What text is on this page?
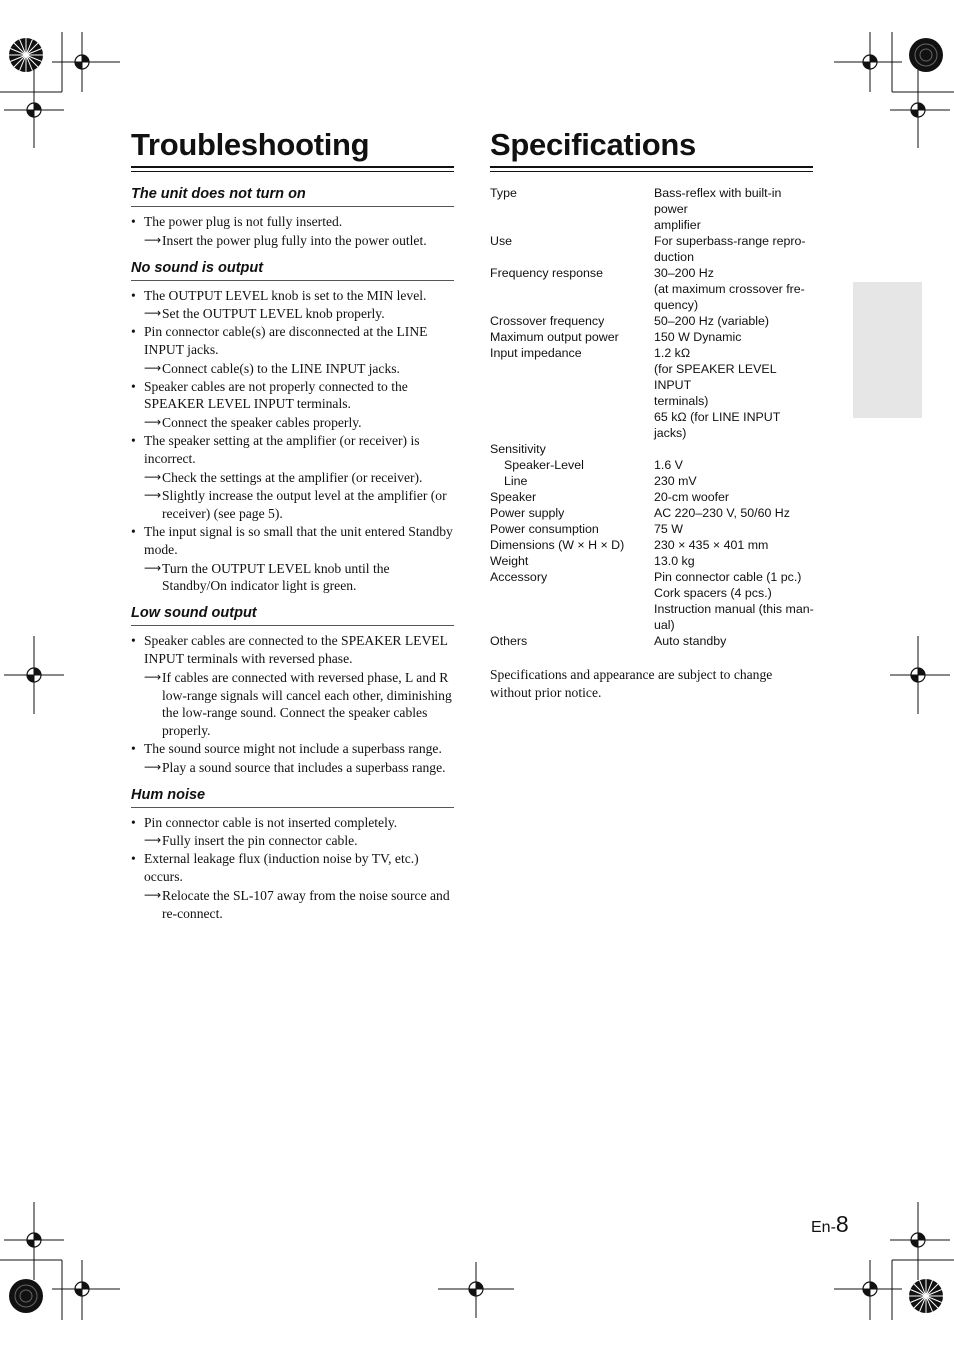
Troubleshooting	Specifications
The unit does not turn on
• The power plug is not fully inserted.
⟶ Insert the power plug fully into the power outlet.
No sound is output
• The OUTPUT LEVEL knob is set to the MIN level.
⟶ Set the OUTPUT LEVEL knob properly.
• Pin connector cable(s) are disconnected at the LINE INPUT jacks.
⟶ Connect cable(s) to the LINE INPUT jacks.
• Speaker cables are not properly connected to the SPEAKER LEVEL INPUT terminals.
⟶ Connect the speaker cables properly.
• The speaker setting at the amplifier (or receiver) is incorrect.
⟶ Check the settings at the amplifier (or receiver).
⟶ Slightly increase the output level at the amplifier (or receiver) (see page 5).
• The input signal is so small that the unit entered Standby mode.
⟶ Turn the OUTPUT LEVEL knob until the Standby/On indicator light is green.
Low sound output
• Speaker cables are connected to the SPEAKER LEVEL INPUT terminals with reversed phase.
⟶ If cables are connected with reversed phase, L and R low-range signals will cancel each other, diminishing the low-range sound. Connect the speaker cables properly.
• The sound source might not include a superbass range.
⟶ Play a sound source that includes a superbass range.
Hum noise
• Pin connector cable is not inserted completely.
⟶ Fully insert the pin connector cable.
• External leakage flux (induction noise by TV, etc.) occurs.
⟶ Relocate the SL-107 away from the noise source and re-connect.
Type	Bass-reflex with built-in power
amplifier

Use	For superbass-range repro-
duction

Frequency response	30–200 Hz
(at maximum crossover fre-
quency)

Crossover frequency	50–200 Hz (variable)

Maximum output power	150 W Dynamic

Input impedance	1.2 kΩ
(for SPEAKER LEVEL INPUT
terminals)
65 kΩ (for LINE INPUT jacks)

Sensitivity	
Speaker-Level	1.6 V

Line	230 mV

Speaker	20-cm woofer

Power supply	AC 220–230 V, 50/60 Hz

Power consumption	75 W

Dimensions (W × H × D)	230 × 435 × 401 mm

Weight	13.0 kg

Accessory	Pin connector cable (1 pc.)
Cork spacers (4 pcs.)
Instruction manual (this man-
ual)

Others	Auto standby
Specifications and appearance are subject to change without prior notice.
En-8
